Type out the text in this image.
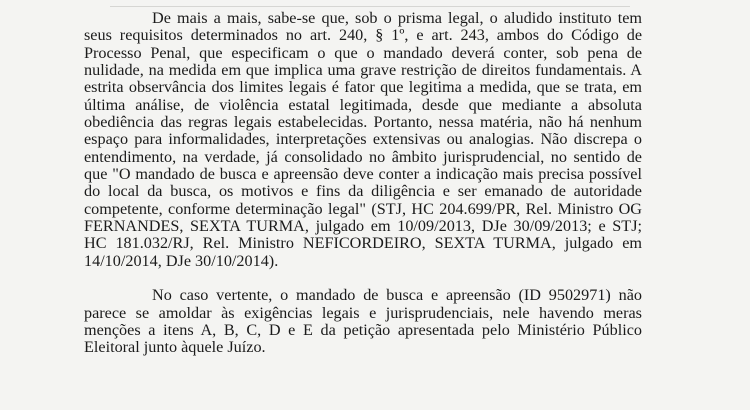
De mais a mais, sabe-se que, sob o prisma legal, o aludido instituto tem seus requisitos determinados no art. 240, § 1º, e art. 243, ambos do Código de Processo Penal, que especificam o que o mandado deverá conter, sob pena de nulidade, na medida em que implica uma grave restrição de direitos fundamentais. A estrita observância dos limites legais é fator que legitima a medida, que se trata, em última análise, de violência estatal legitimada, desde que mediante a absoluta obediência das regras legais estabelecidas. Portanto, nessa matéria, não há nenhum espaço para informalidades, interpretações extensivas ou analogias. Não discrepa o entendimento, na verdade, já consolidado no âmbito jurisprudencial, no sentido de que "O mandado de busca e apreensão deve conter a indicação mais precisa possível do local da busca, os motivos e fins da diligência e ser emanado de autoridade competente, conforme determinação legal" (STJ, HC 204.699/PR, Rel. Ministro OG FERNANDES, SEXTA TURMA, julgado em 10/09/2013, DJe 30/09/2013; e STJ; HC 181.032/RJ, Rel. Ministro NEFICORDEIRO, SEXTA TURMA, julgado em 14/10/2014, DJe 30/10/2014).

No caso vertente, o mandado de busca e apreensão (ID 9502971) não parece se amoldar às exigências legais e jurisprudenciais, nele havendo meras menções a itens A, B, C, D e E da petição apresentada pelo Ministério Público Eleitoral junto àquele Juízo.
